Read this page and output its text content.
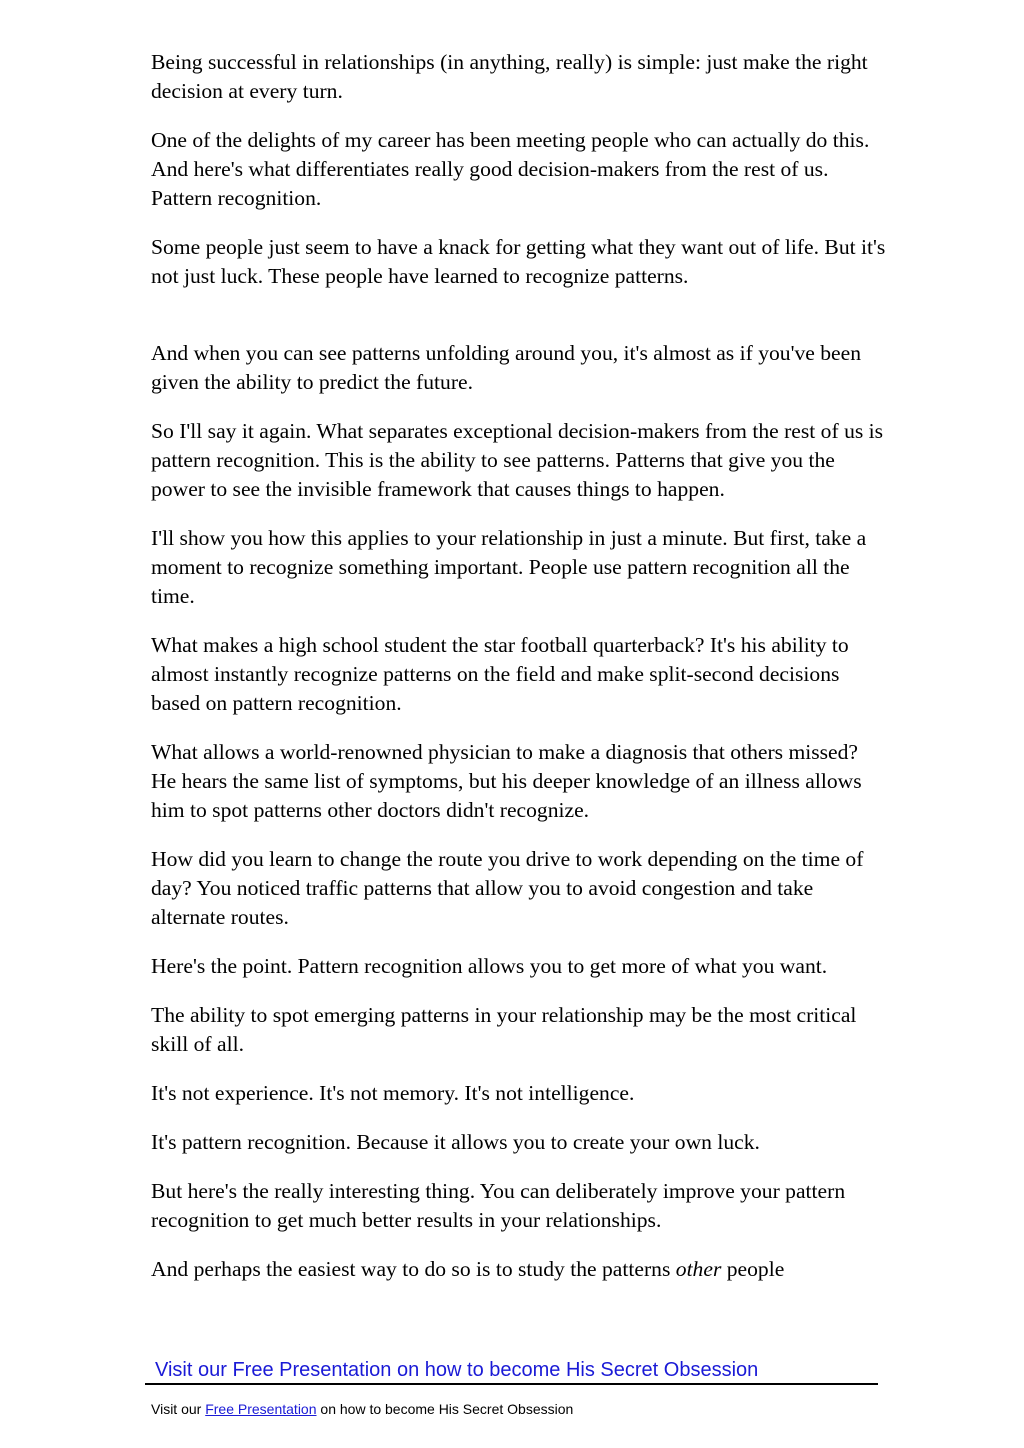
Being successful in relationships (in anything, really) is simple: just make the right decision at every turn.

One of the delights of my career has been meeting people who can actually do this. And here's what differentiates really good decision-makers from the rest of us. Pattern recognition.

Some people just seem to have a knack for getting what they want out of life. But it's not just luck. These people have learned to recognize patterns.

And when you can see patterns unfolding around you, it's almost as if you've been given the ability to predict the future.

So I'll say it again. What separates exceptional decision-makers from the rest of us is pattern recognition. This is the ability to see patterns. Patterns that give you the power to see the invisible framework that causes things to happen.

I'll show you how this applies to your relationship in just a minute. But first, take a moment to recognize something important. People use pattern recognition all the time.

What makes a high school student the star football quarterback? It's his ability to almost instantly recognize patterns on the field and make split-second decisions based on pattern recognition.

What allows a world-renowned physician to make a diagnosis that others missed? He hears the same list of symptoms, but his deeper knowledge of an illness allows him to spot patterns other doctors didn't recognize.

How did you learn to change the route you drive to work depending on the time of day? You noticed traffic patterns that allow you to avoid congestion and take alternate routes.

Here's the point. Pattern recognition allows you to get more of what you want.

The ability to spot emerging patterns in your relationship may be the most critical skill of all.

It's not experience. It's not memory. It's not intelligence.

It's pattern recognition. Because it allows you to create your own luck.

But here's the really interesting thing. You can deliberately improve your pattern recognition to get much better results in your relationships.

And perhaps the easiest way to do so is to study the patterns other people

Visit our Free Presentation on how to become His Secret Obsession
Visit our Free Presentation on how to become His Secret Obsession
